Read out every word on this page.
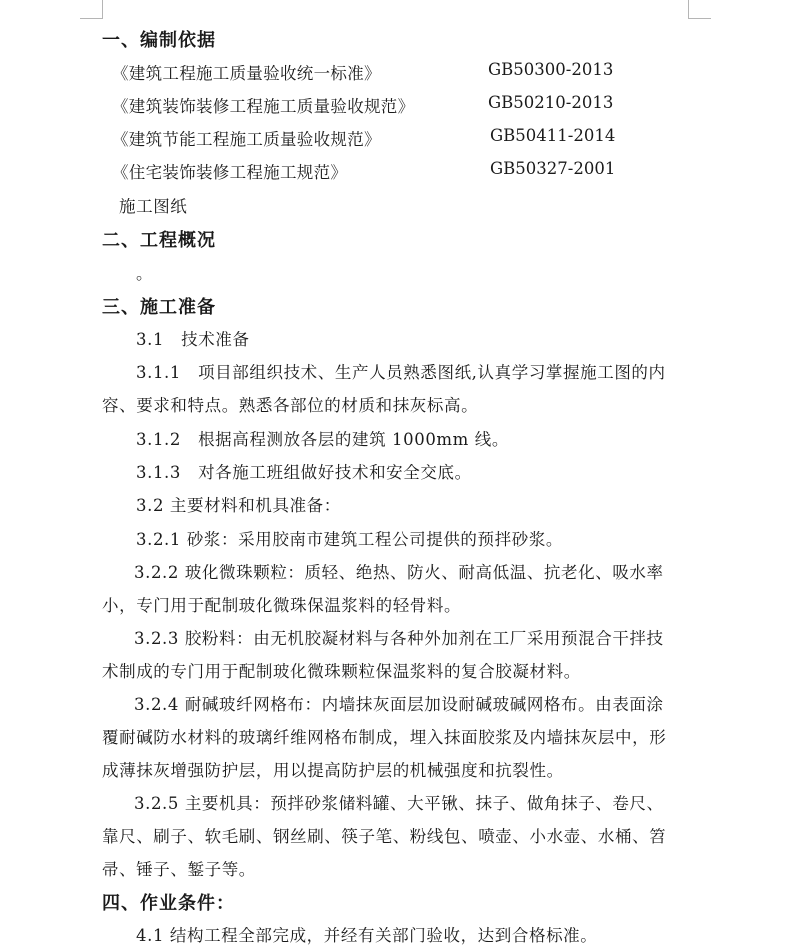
一、编制依据
《建筑工程施工质量验收统一标准》	GB50300-2013
《建筑装饰装修工程施工质量验收规范》	GB50210-2013
《建筑节能工程施工质量验收规范》	GB50411-2014
《住宅装饰装修工程施工规范》	GB50327-2001
施工图纸
二、工程概况
。
三、施工准备
3.1　技术准备
3.1.1　项目部组织技术、生产人员熟悉图纸,认真学习掌握施工图的内
容、要求和特点。熟悉各部位的材质和抹灰标高。
3.1.2　根据高程测放各层的建筑 1000mm 线。
3.1.3　对各施工班组做好技术和安全交底。
3.2 主要材料和机具准备：
3.2.1 砂浆：采用胶南市建筑工程公司提供的预拌砂浆。
3.2.2 玻化微珠颗粒：质轻、绝热、防火、耐高低温、抗老化、吸水率
小，专门用于配制玻化微珠保温浆料的轻骨料。
3.2.3 胶粉料：由无机胶凝材料与各种外加剂在工厂采用预混合干拌技
术制成的专门用于配制玻化微珠颗粒保温浆料的复合胶凝材料。
3.2.4 耐碱玻纤网格布：内墙抹灰面层加设耐碱玻碱网格布。由表面涂
覆耐碱防水材料的玻璃纤维网格布制成，埋入抹面胶浆及内墙抹灰层中，形
成薄抹灰增强防护层，用以提高防护层的机械强度和抗裂性。
3.2.5 主要机具：预拌砂浆储料罐、大平锹、抹子、做角抹子、卷尺、
靠尺、刷子、软毛刷、钢丝刷、筷子笔、粉线包、喷壶、小水壶、水桶、笤
帚、锤子、錾子等。
四、作业条件：
4.1 结构工程全部完成，并经有关部门验收，达到合格标准。
